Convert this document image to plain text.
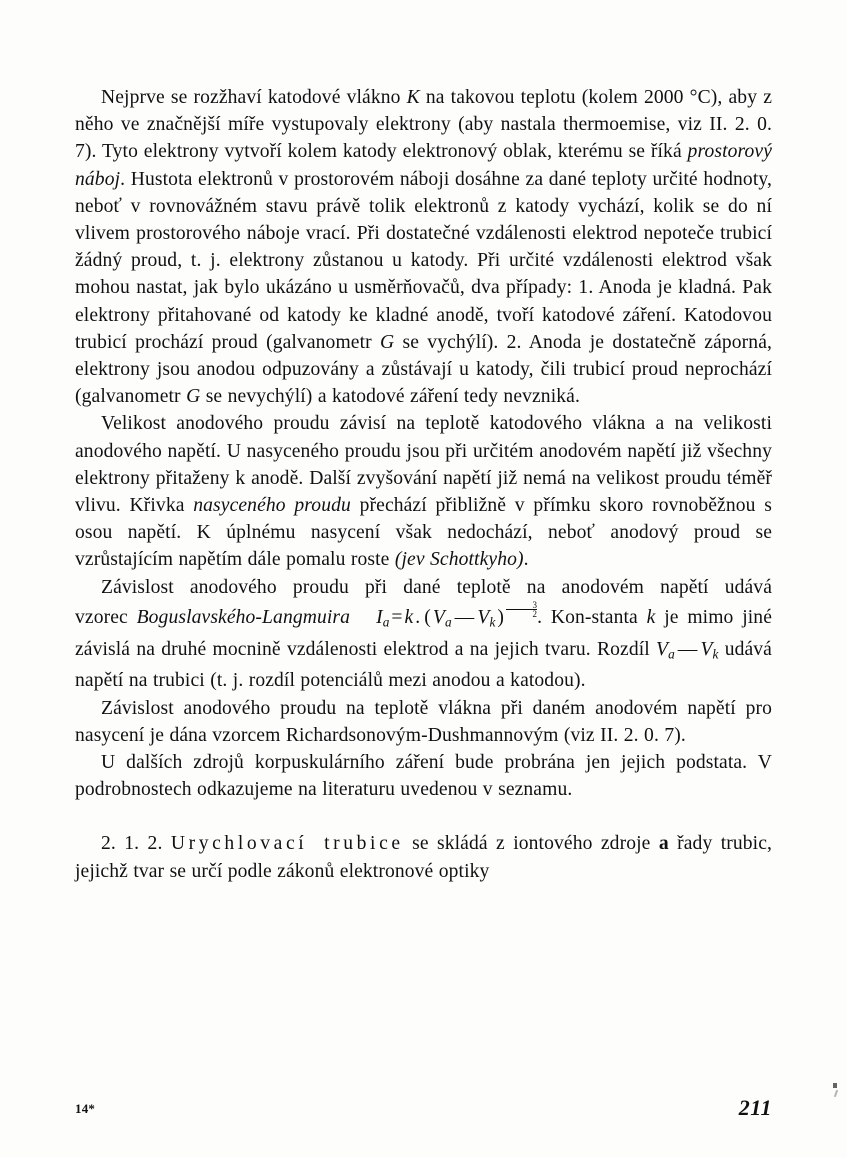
Nejprve se rozžhaví katodové vlákno K na takovou teplotu (kolem 2000 °C), aby z něho ve značnější míře vystupovaly elektrony (aby nastala thermoemise, viz II. 2. 0. 7). Tyto elektrony vytvoří kolem katody elektronový oblak, kterému se říká prostorový náboj. Hustota elektronů v prostorovém náboji dosáhne za dané teploty určité hodnoty, neboť v rovnovážném stavu právě tolik elektronů z katody vychází, kolik se do ní vlivem prostorového náboje vrací. Při dostatečné vzdálenosti elektrod nepoteče trubicí žádný proud, t. j. elektrony zůstanou u katody. Při určité vzdálenosti elektrod však mohou nastat, jak bylo ukázáno u usměrňovačů, dva případy: 1. Anoda je kladná. Pak elektrony přitahované od katody ke kladné anodě, tvoří katodové záření. Katodovou trubicí prochází proud (galvanometr G se vychýlí). 2. Anoda je dostatečně záporná, elektrony jsou anodou odpuzovány a zůstávají u katody, čili trubicí proud neprochází (galvanometr G se nevychýlí) a katodové záření tedy nevzniká.

Velikost anodového proudu závisí na teplotě katodového vlákna a na velikosti anodového napětí. U nasyceného proudu jsou při určitém anodovém napětí již všechny elektrony přitaženy k anodě. Další zvyšování napětí již nemá na velikost proudu téměř vlivu. Křivka nasyceného proudu přechází přibližně v přímku skoro rovnoběžnou s osou napětí. K úplnému nasycení však nedochází, neboť anodový proud se vzrůstajícím napětím dále pomalu roste (jev Schottkyho).

Závislost anodového proudu při dané teplotě na anodovém napětí udává vzorec Boguslavského-Langmuira $I_a = k$ . ( $V_a$ — $V_k$ ) $\frac{3}{2}$ . Kon-stanta k je mimo jiné závislá na druhé mocnině vzdálenosti elektrod a na jejich tvaru. Rozdíl $V_a$ — $V_k$ udává napětí na trubici (t. j. rozdíl potenciálů mezi anodou a katodou).

Závislost anodového proudu na teplotě vlákna při daném anodovém napětí pro nasycení je dána vzorcem Richardsonovým-Dushmannovým (viz II. 2. 0. 7).

U dalších zdrojů korpuskulárního záření bude probrána jen jejich podstata. V podrobnostech odkazujeme na literaturu uvedenou v seznamu.

2. 1. 2. Urychlovací trubice se skládá z iontového zdroje a řady trubic, jejichž tvar se určí podle zákonů elektronové optiky

14*	211
